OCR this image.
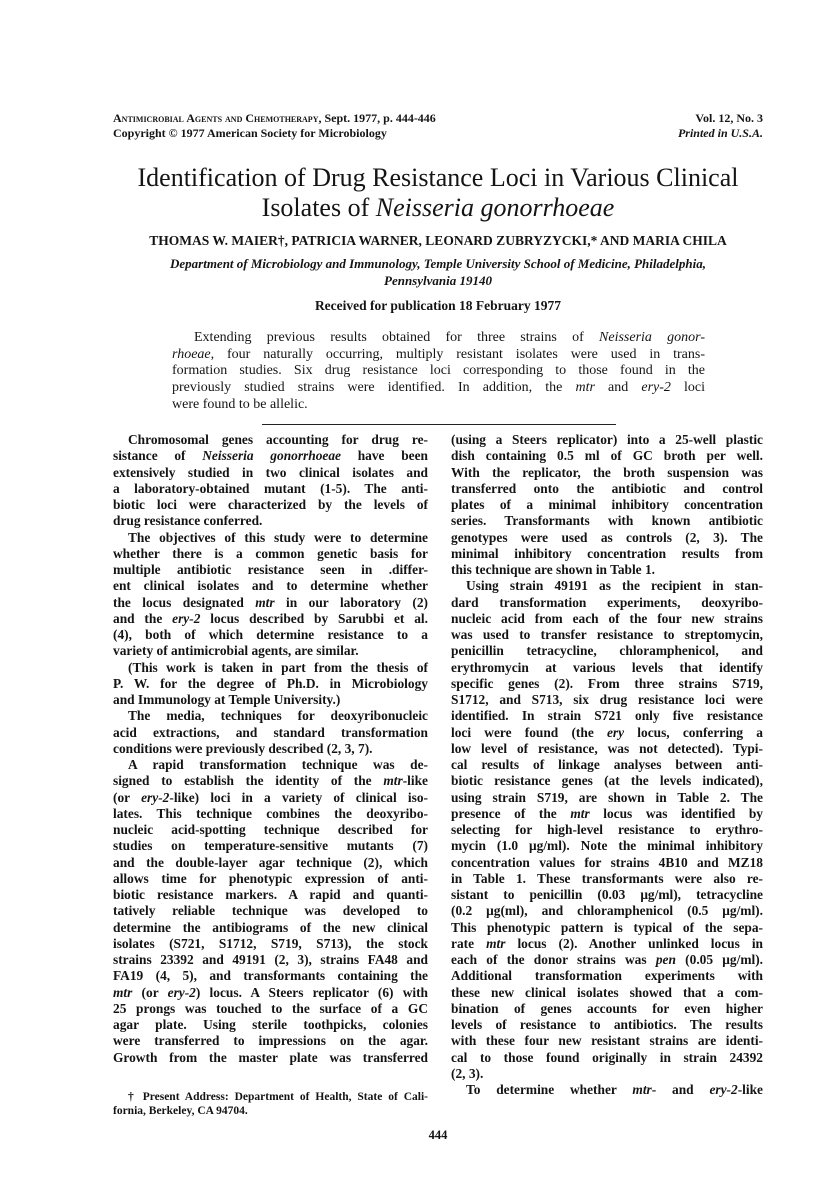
Antimicrobial Agents and Chemotherapy, Sept. 1977, p. 444-446
Copyright © 1977 American Society for Microbiology
Vol. 12, No. 3
Printed in U.S.A.
Identification of Drug Resistance Loci in Various Clinical
Isolates of Neisseria gonorrhoeae
THOMAS W. MAIER†, PATRICIA WARNER, LEONARD ZUBRYZYCKI,* AND MARIA CHILA
Department of Microbiology and Immunology, Temple University School of Medicine, Philadelphia,
Pennsylvania 19140
Received for publication 18 February 1977
Extending previous results obtained for three strains of Neisseria gonor-
rhoeae, four naturally occurring, multiply resistant isolates were used in trans-
formation studies. Six drug resistance loci corresponding to those found in the
previously studied strains were identified. In addition, the mtr and ery-2 loci
were found to be allelic.
Chromosomal genes accounting for drug re-
sistance of Neisseria gonorrhoeae have been
extensively studied in two clinical isolates and
a laboratory-obtained mutant (1-5). The anti-
biotic loci were characterized by the levels of
drug resistance conferred.
The objectives of this study were to determine
whether there is a common genetic basis for
multiple antibiotic resistance seen in .differ-
ent clinical isolates and to determine whether
the locus designated mtr in our laboratory (2)
and the ery-2 locus described by Sarubbi et al.
(4), both of which determine resistance to a
variety of antimicrobial agents, are similar.
(This work is taken in part from the thesis of
P. W. for the degree of Ph.D. in Microbiology
and Immunology at Temple University.)
The media, techniques for deoxyribonucleic
acid extractions, and standard transformation
conditions were previously described (2, 3, 7).
A rapid transformation technique was de-
signed to establish the identity of the mtr-like
(or ery-2-like) loci in a variety of clinical iso-
lates. This technique combines the deoxyribo-
nucleic acid-spotting technique described for
studies on temperature-sensitive mutants (7)
and the double-layer agar technique (2), which
allows time for phenotypic expression of anti-
biotic resistance markers. A rapid and quanti-
tatively reliable technique was developed to
determine the antibiograms of the new clinical
isolates (S721, S1712, S719, S713), the stock
strains 23392 and 49191 (2, 3), strains FA48 and
FA19 (4, 5), and transformants containing the
mtr (or ery-2) locus. A Steers replicator (6) with
25 prongs was touched to the surface of a GC
agar plate. Using sterile toothpicks, colonies
were transferred to impressions on the agar.
Growth from the master plate was transferred
(using a Steers replicator) into a 25-well plastic
dish containing 0.5 ml of GC broth per well.
With the replicator, the broth suspension was
transferred onto the antibiotic and control
plates of a minimal inhibitory concentration
series. Transformants with known antibiotic
genotypes were used as controls (2, 3). The
minimal inhibitory concentration results from
this technique are shown in Table 1.
Using strain 49191 as the recipient in stan-
dard transformation experiments, deoxyribo-
nucleic acid from each of the four new strains
was used to transfer resistance to streptomycin,
penicillin tetracycline, chloramphenicol, and
erythromycin at various levels that identify
specific genes (2). From three strains S719,
S1712, and S713, six drug resistance loci were
identified. In strain S721 only five resistance
loci were found (the ery locus, conferring a
low level of resistance, was not detected). Typi-
cal results of linkage analyses between anti-
biotic resistance genes (at the levels indicated),
using strain S719, are shown in Table 2. The
presence of the mtr locus was identified by
selecting for high-level resistance to erythro-
mycin (1.0 μg/ml). Note the minimal inhibitory
concentration values for strains 4B10 and MZ18
in Table 1. These transformants were also re-
sistant to penicillin (0.03 μg/ml), tetracycline
(0.2 μg(ml), and chloramphenicol (0.5 μg/ml).
This phenotypic pattern is typical of the sepa-
rate mtr locus (2). Another unlinked locus in
each of the donor strains was pen (0.05 μg/ml).
Additional transformation experiments with
these new clinical isolates showed that a com-
bination of genes accounts for even higher
levels of resistance to antibiotics. The results
with these four new resistant strains are identi-
cal to those found originally in strain 24392
(2, 3).
To determine whether mtr- and ery-2-like
† Present Address: Department of Health, State of Cali-
fornia, Berkeley, CA 94704.
444
